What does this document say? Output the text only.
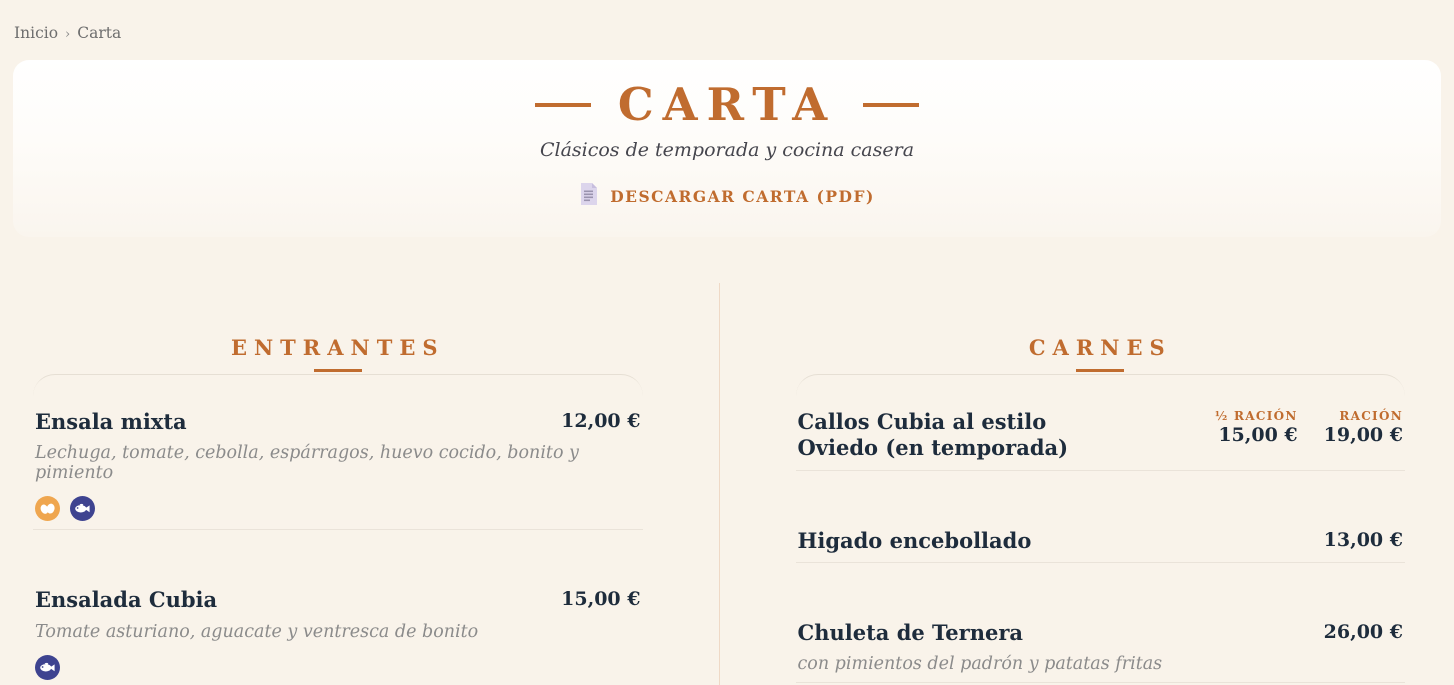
Inicio › Carta
CARTA

Clásicos de temporada y cocina casera

DESCARGAR CARTA (PDF)
ENTRANTES
Ensala mixta	12,00 €

Lechuga, tomate, cebolla, espárragos, huevo cocido, bonito y pimiento

Ensalada Cubia	15,00 €

Tomate asturiano, aguacate y ventresca de bonito

CARNES
Callos Cubia al estilo Oviedo (en temporada)
½ RACIÓN
15,00 €
RACIÓN
19,00 €
Higado encebollado	13,00 €
Chuleta de Ternera	26,00 €

con pimientos del padrón y patatas fritas
